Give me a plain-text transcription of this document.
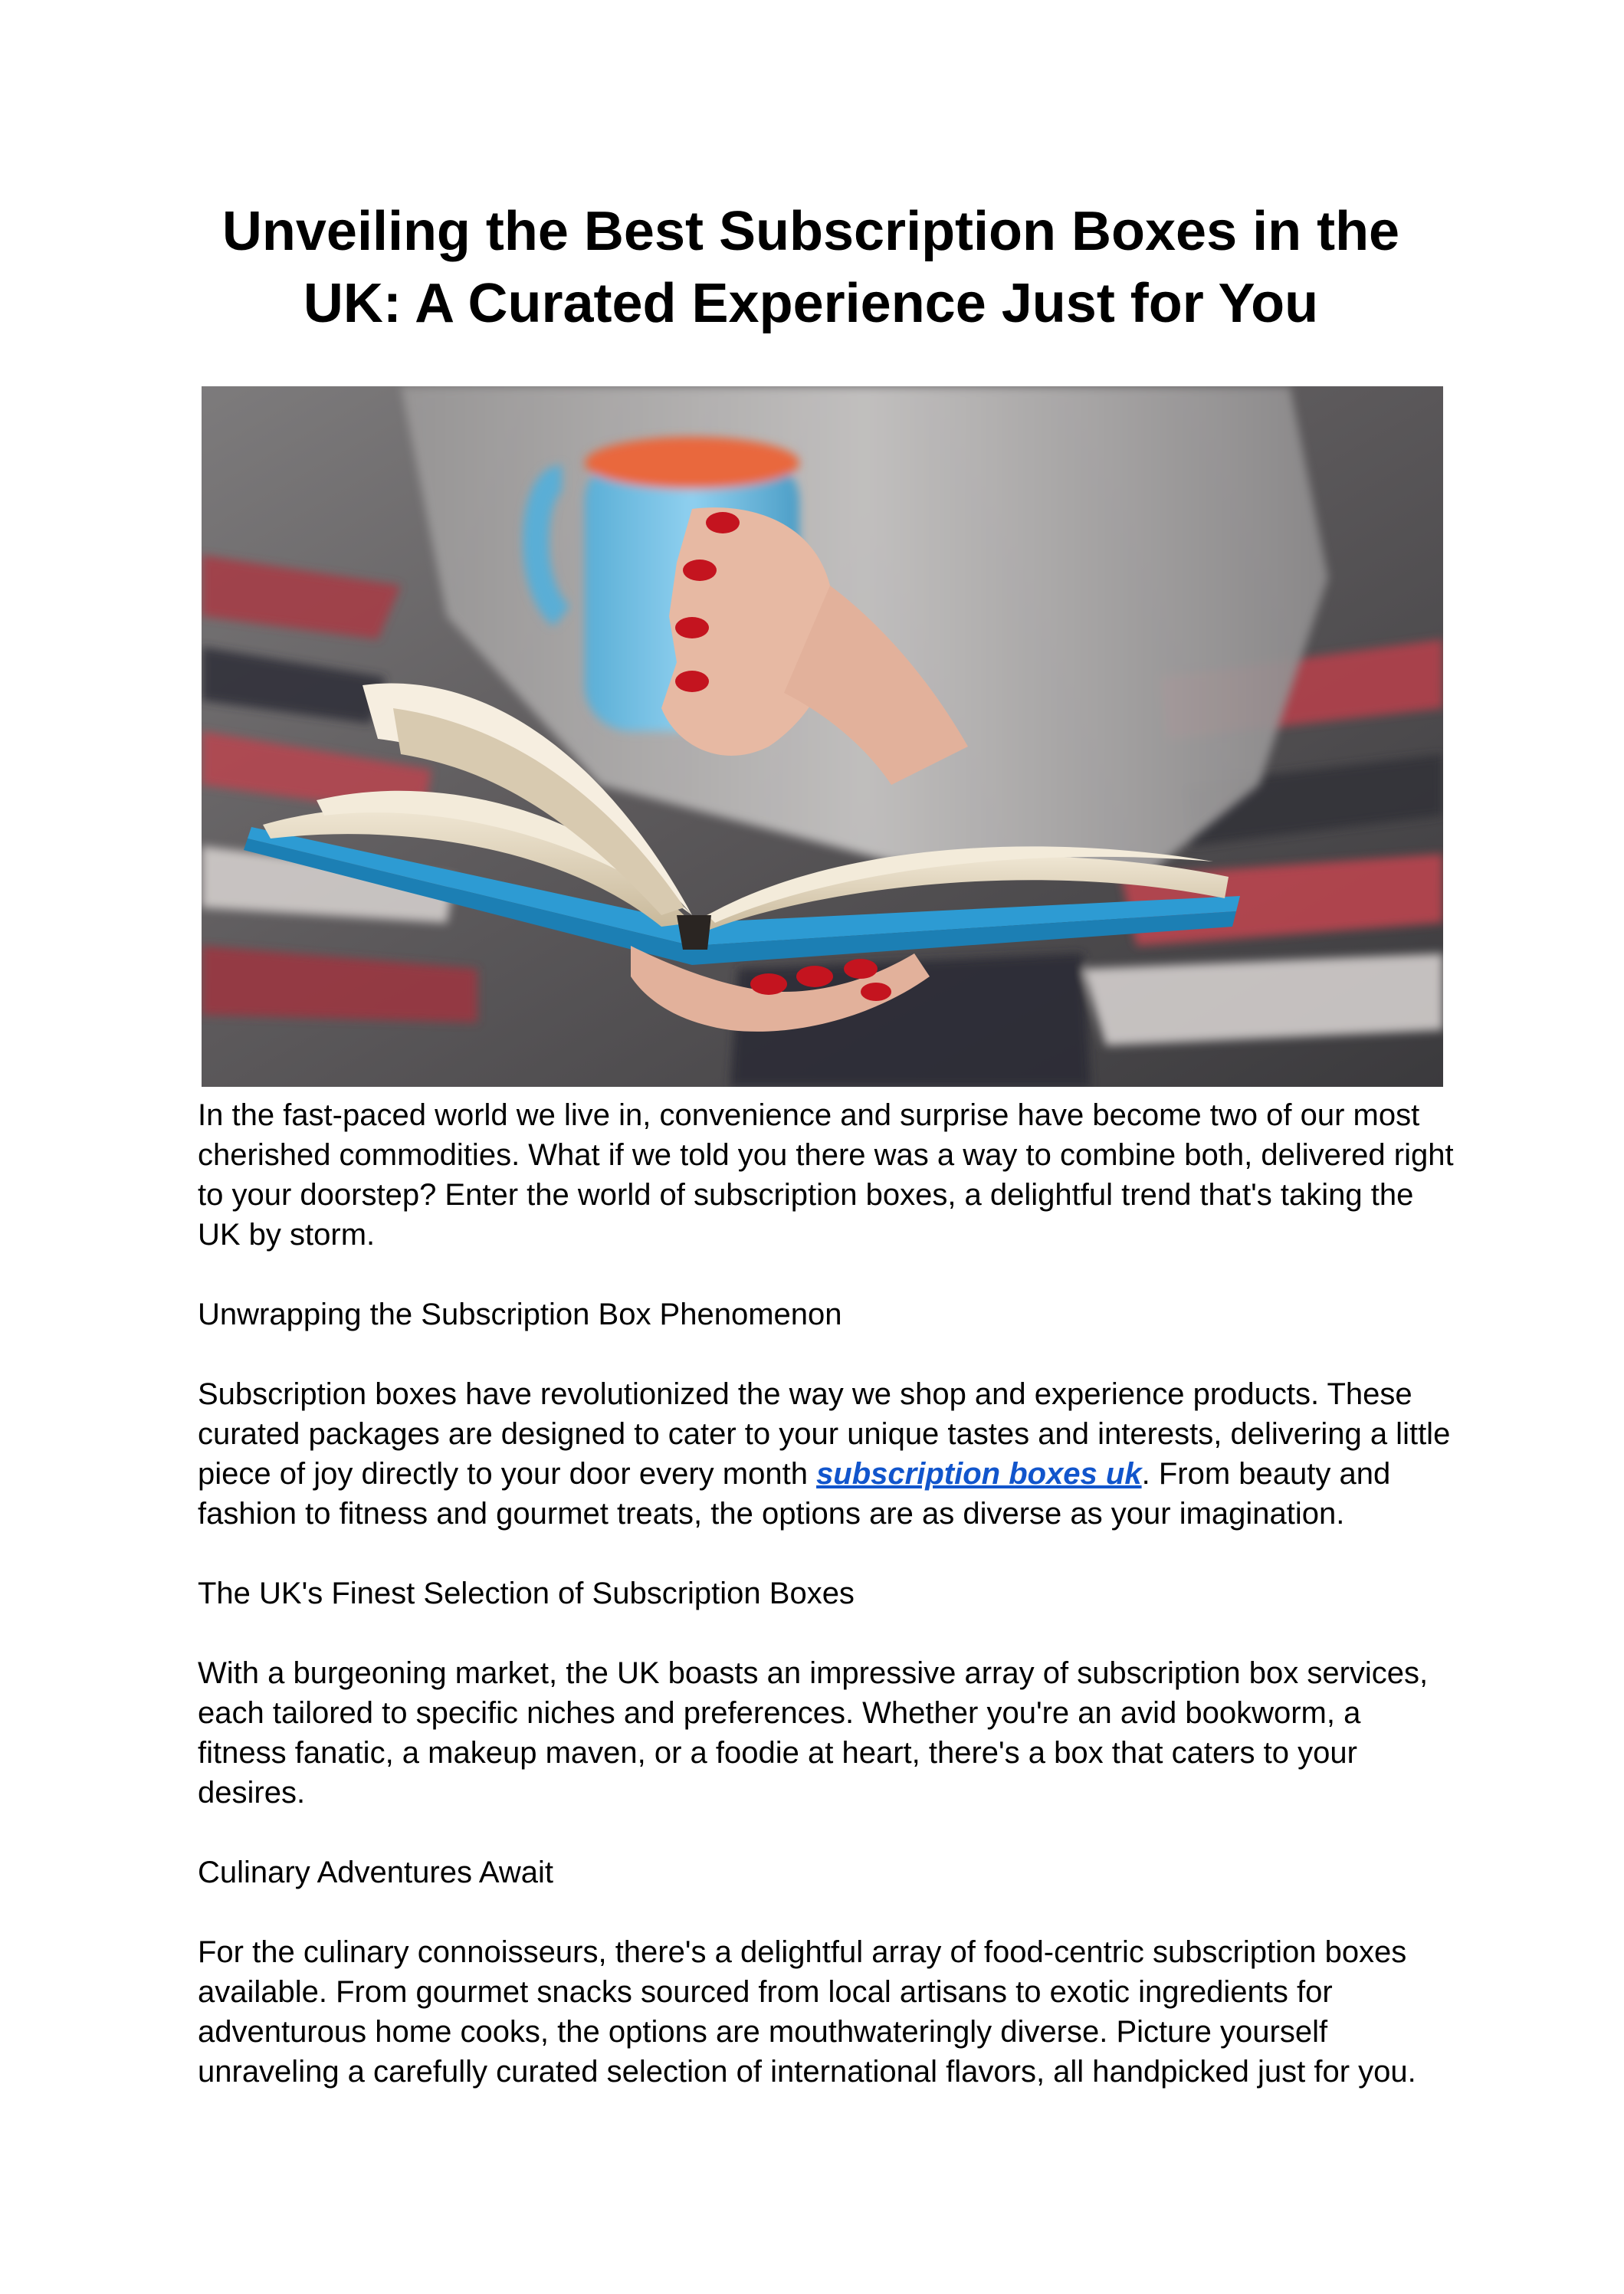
Unveiling the Best Subscription Boxes in the
UK: A Curated Experience Just for You

In the fast-paced world we live in, convenience and surprise have become two of our most
cherished commodities. What if we told you there was a way to combine both, delivered right
to your doorstep? Enter the world of subscription boxes, a delightful trend that's taking the
UK by storm.

Unwrapping the Subscription Box Phenomenon

Subscription boxes have revolutionized the way we shop and experience products. These
curated packages are designed to cater to your unique tastes and interests, delivering a little
piece of joy directly to your door every month subscription boxes uk. From beauty and
fashion to fitness and gourmet treats, the options are as diverse as your imagination.

The UK's Finest Selection of Subscription Boxes

With a burgeoning market, the UK boasts an impressive array of subscription box services,
each tailored to specific niches and preferences. Whether you're an avid bookworm, a
fitness fanatic, a makeup maven, or a foodie at heart, there's a box that caters to your
desires.

Culinary Adventures Await

For the culinary connoisseurs, there's a delightful array of food-centric subscription boxes
available. From gourmet snacks sourced from local artisans to exotic ingredients for
adventurous home cooks, the options are mouthwateringly diverse. Picture yourself
unraveling a carefully curated selection of international flavors, all handpicked just for you.
